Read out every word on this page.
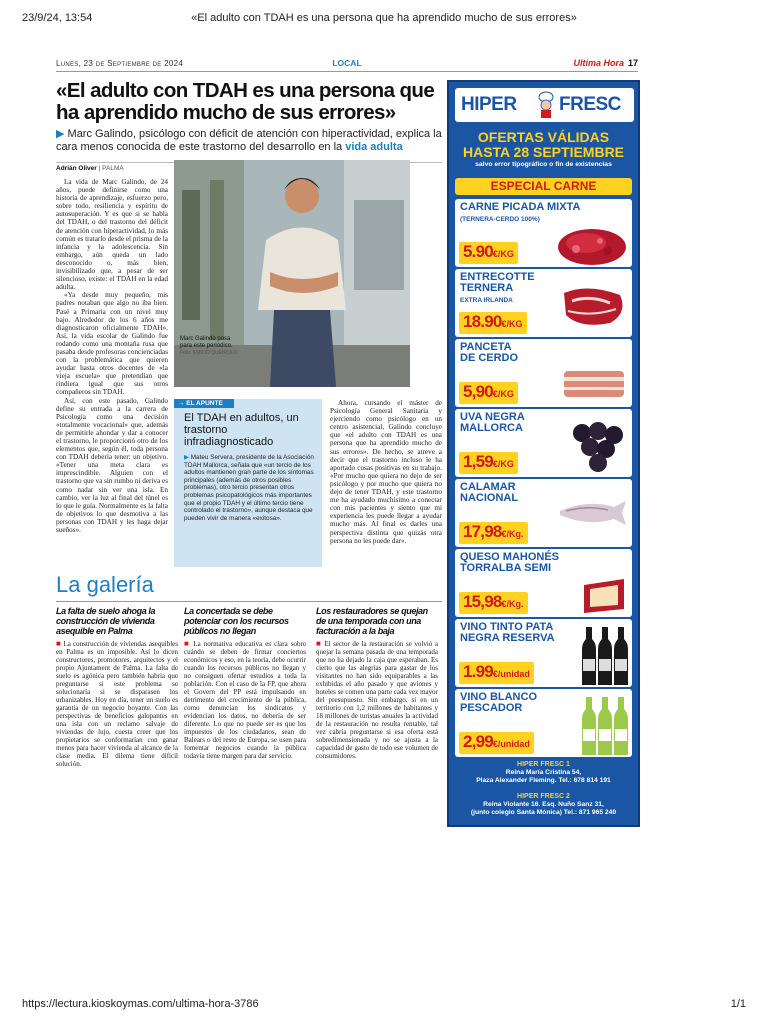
23/9/24, 13:54	«El adulto con TDAH es una persona que ha aprendido mucho de sus errores»
Lunes, 23 de Septiembre de 2024	LOCAL	Ultima Hora 17
«El adulto con TDAH es una persona que ha aprendido mucho de sus errores»
▶ Marc Galindo, psicólogo con déficit de atención con hiperactividad, explica la cara menos conocida de este trastorno del desarrollo en la vida adulta
Adrián Oliver | PALMA

La vida de Marc Galindo, de 24 años, puede definirse como una historia de aprendizaje, esfuerzo pero, sobre todo, resiliencia y espíritu de autosuperación. Y es que si se habla del TDAH, o del trastorno del déficit de atención con hiperactividad, lo más común es tratarlo desde el prisma de la infancia y la adolescencia. Sin embargo, aún queda un lado desconocido o, más bien, invisibilizado que, a pesar de ser silencioso, existe: el TDAH en la edad adulta.

«Ya desde muy pequeño, mis padres notaban que algo no iba bien. Pasé a Primaria con un nivel muy bajo. Alrededor de los 6 años me diagnosticaron oficialmente TDAH». Así, la vida escolar de Galindo fue rodando como una montaña rusa que pasaba desde profesoras concienciadas con la problemática que quieren ayudar hasta otros docentes de «la vieja escuela» que pretendían que rindiera igual que sus otros compañeros sin TDAH.

Así, con este pasado, Galindo define su entrada a la carrera de Psicología como una decisión «totalmente vocacional» que, además de permitirle ahondar y dar a conocer el trastorno, le proporcionó otro de los elementos que, según él, toda persona con TDAH debería tener: un objetivo. «Tener una meta clara es imprescindible. Alguien con el trastorno que va sin rumbo ni deriva es como nadar sin ver una isla. En cambio, ver la luz al final del túnel es lo que le guía. Normalmente es la falta de objetivos lo que desmotiva a las personas con TDAH y les haga dejar sueños».

Marc Galindo posa para este periódico.
Foto: EMILIO QUEIROLO
→ EL APUNTE
El TDAH en adultos, un trastorno infradiagnosticado
▶ Mateu Servera, presidente de la Asociación TDAH Mallorca, señala que «un tercio de los adultos mantienen gran parte de los síntomas principales (además de otros posibles problemas), otro tercio presentan otros problemas psicopatológicos más importantes que el propio TDAH y el último tercio tiene controlado el trastorno», aunque destaca que pueden vivir de manera «exitosa».

Ahora, cursando el máster de Psicología General Sanitaria y ejerciendo como psicólogo en un centro asistencial, Galindo concluye que «el adulto con TDAH es una persona que ha aprendido mucho de sus errores». De hecho, se atreve a decir que el trastorno incluso le ha aportado cosas positivas en su trabajo. «Por mucho que quiera no dejo de ser psicólogo y por mucho que quiera no dejo de tener TDAH, y este trastorno me ha ayudado muchísimo a conectar con mis pacientes y siento que mi experiencia les puede llegar a ayudar mucho más. Al final es darles una perspectiva distinta que quizás otra persona no les puede dar».

La galería
La falta de suelo ahoga la construcción de vivienda asequible en Palma
■ La construcción de viviendas asequibles en Palma es un imposible. Así lo dicen constructores, promotores, arquitectos y el propio Ajuntament de Palma. La falta de suelo es agónica pero también habría que preguntarse si este problema se solucionaría si se disparasen los urbanizables. Hoy en día, tener un suelo es garantía de un negocio boyante. Con las perspectivas de beneficios galopantes en una isla con un reclamo salvaje de viviendas de lujo, cuesta creer que los propietarios se conformarían con ganar menos para hacer vivienda al alcance de la clase media. El dilema tiene difícil solución.
La concertada se debe potenciar con los recursos públicos no llegan
■ La normativa educativa es clara sobre cuándo se deben de firmar conciertos económicos y eso, en la teoría, debe ocurrir cuando los recursos públicos no llegan y no consiguen ofertar estudios a toda la población. Con el caso de la FP, que ahora el Govern del PP está impulsando en detrimento del crecimiento de la pública, como denuncian los sindicatos y evidencian los datos, no debería de ser diferente. Lo que no puede ser es que los impuestos de los ciudadanos, sean de Balears o del resto de Europa, se usen para fomentar negocios cuando la pública todavía tiene margen para dar servicio.
Los restauradores se quejan de una temporada con una facturación a la baja
■ El sector de la restauración se volvió a quejar la semana pasada de una temporada que no ha dejado la caja que esperaban. Es cierto que las alegrías para gastar de los visitantes no han sido equiparables a las exhibidas el año pasado y que aviones y hoteles se comen una parte cada vez mayor del presupuesto. Sin embargo, si en un territorio con 1,2 millones de habitantes y 18 millones de turistas anuales la actividad de la restauración no resulta rentable, tal vez cabría preguntarse si esa oferta está sobredimensionada y no se ajusta a la capacidad de gasto de todo ese volumen de consumidores.
HIPER FRESC
OFERTAS VÁLIDAS
HASTA 28 SEPTIEMBRE
salvo error tipográfico o fin de existencias
ESPECIAL CARNE
CARNE PICADA MIXTA
(TERNERA-CERDO 100%)
5.90€/KG
ENTRECOTTE
TERNERA
EXTRA IRLANDA
18.90€/KG
PANCETA
DE CERDO
5,90€/KG
UVA NEGRA
MALLORCA
1,59€/KG
CALAMAR
NACIONAL
17,98€/Kg.
QUESO MAHONÉS
TORRALBA SEMI
15,98€/Kg.
VINO TINTO PATA
NEGRA RESERVA
1.99€/unidad
VINO BLANCO
PESCADOR
2,99€/unidad
HIPER FRESC 1
Reina María Cristina 54,
Plaza Alexander Fleming. Tel.: 678 814 191
HIPER FRESC 2
Reina Violante 16. Esq. Nuño Sanz 31,
(junto colegio Santa Mónica) Tel.: 871 965 240
https://lectura.kioskoymas.com/ultima-hora-3786	1/1
